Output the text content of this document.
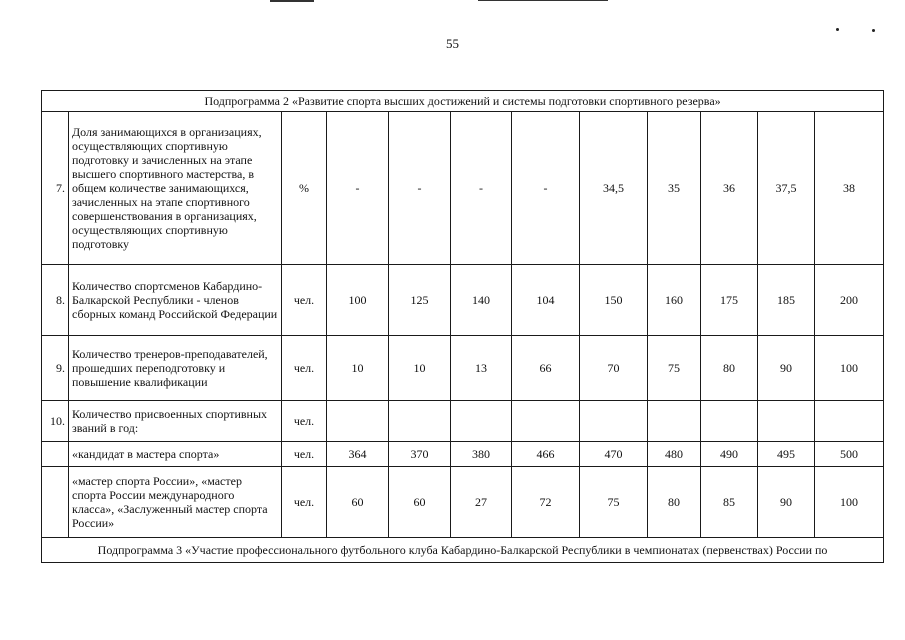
55
Подпрограмма 2 «Развитие спорта высших достижений и системы подготовки спортивного резерва»											
7.	Доля занимающихся в организациях, осуществляющих спортивную подготовку и зачисленных на этапе высшего спортивного мастерства, в общем количестве занимающихся, зачисленных на этапе спортивного совершенствования в организациях, осуществляющих спортивную подготовку	%	-	-	-	-	34,5	35	36	37,5	38
8.	Количество спортсменов Кабардино-Балкарской Республики - членов сборных команд Российской Федерации	чел.	100	125	140	104	150	160	175	185	200
9.	Количество тренеров-преподавателей, прошедших переподготовку и повышение квалификации	чел.	10	10	13	66	70	75	80	90	100
10.	Количество присвоенных спортивных званий в год:	чел.									
	«кандидат в мастера спорта»	чел.	364	370	380	466	470	480	490	495	500
	«мастер спорта России», «мастер спорта России международного класса», «Заслуженный мастер спорта России»	чел.	60	60	27	72	75	80	85	90	100
Подпрограмма 3 «Участие профессионального футбольного клуба Кабардино-Балкарской Республики в чемпионатах (первенствах) России по											
